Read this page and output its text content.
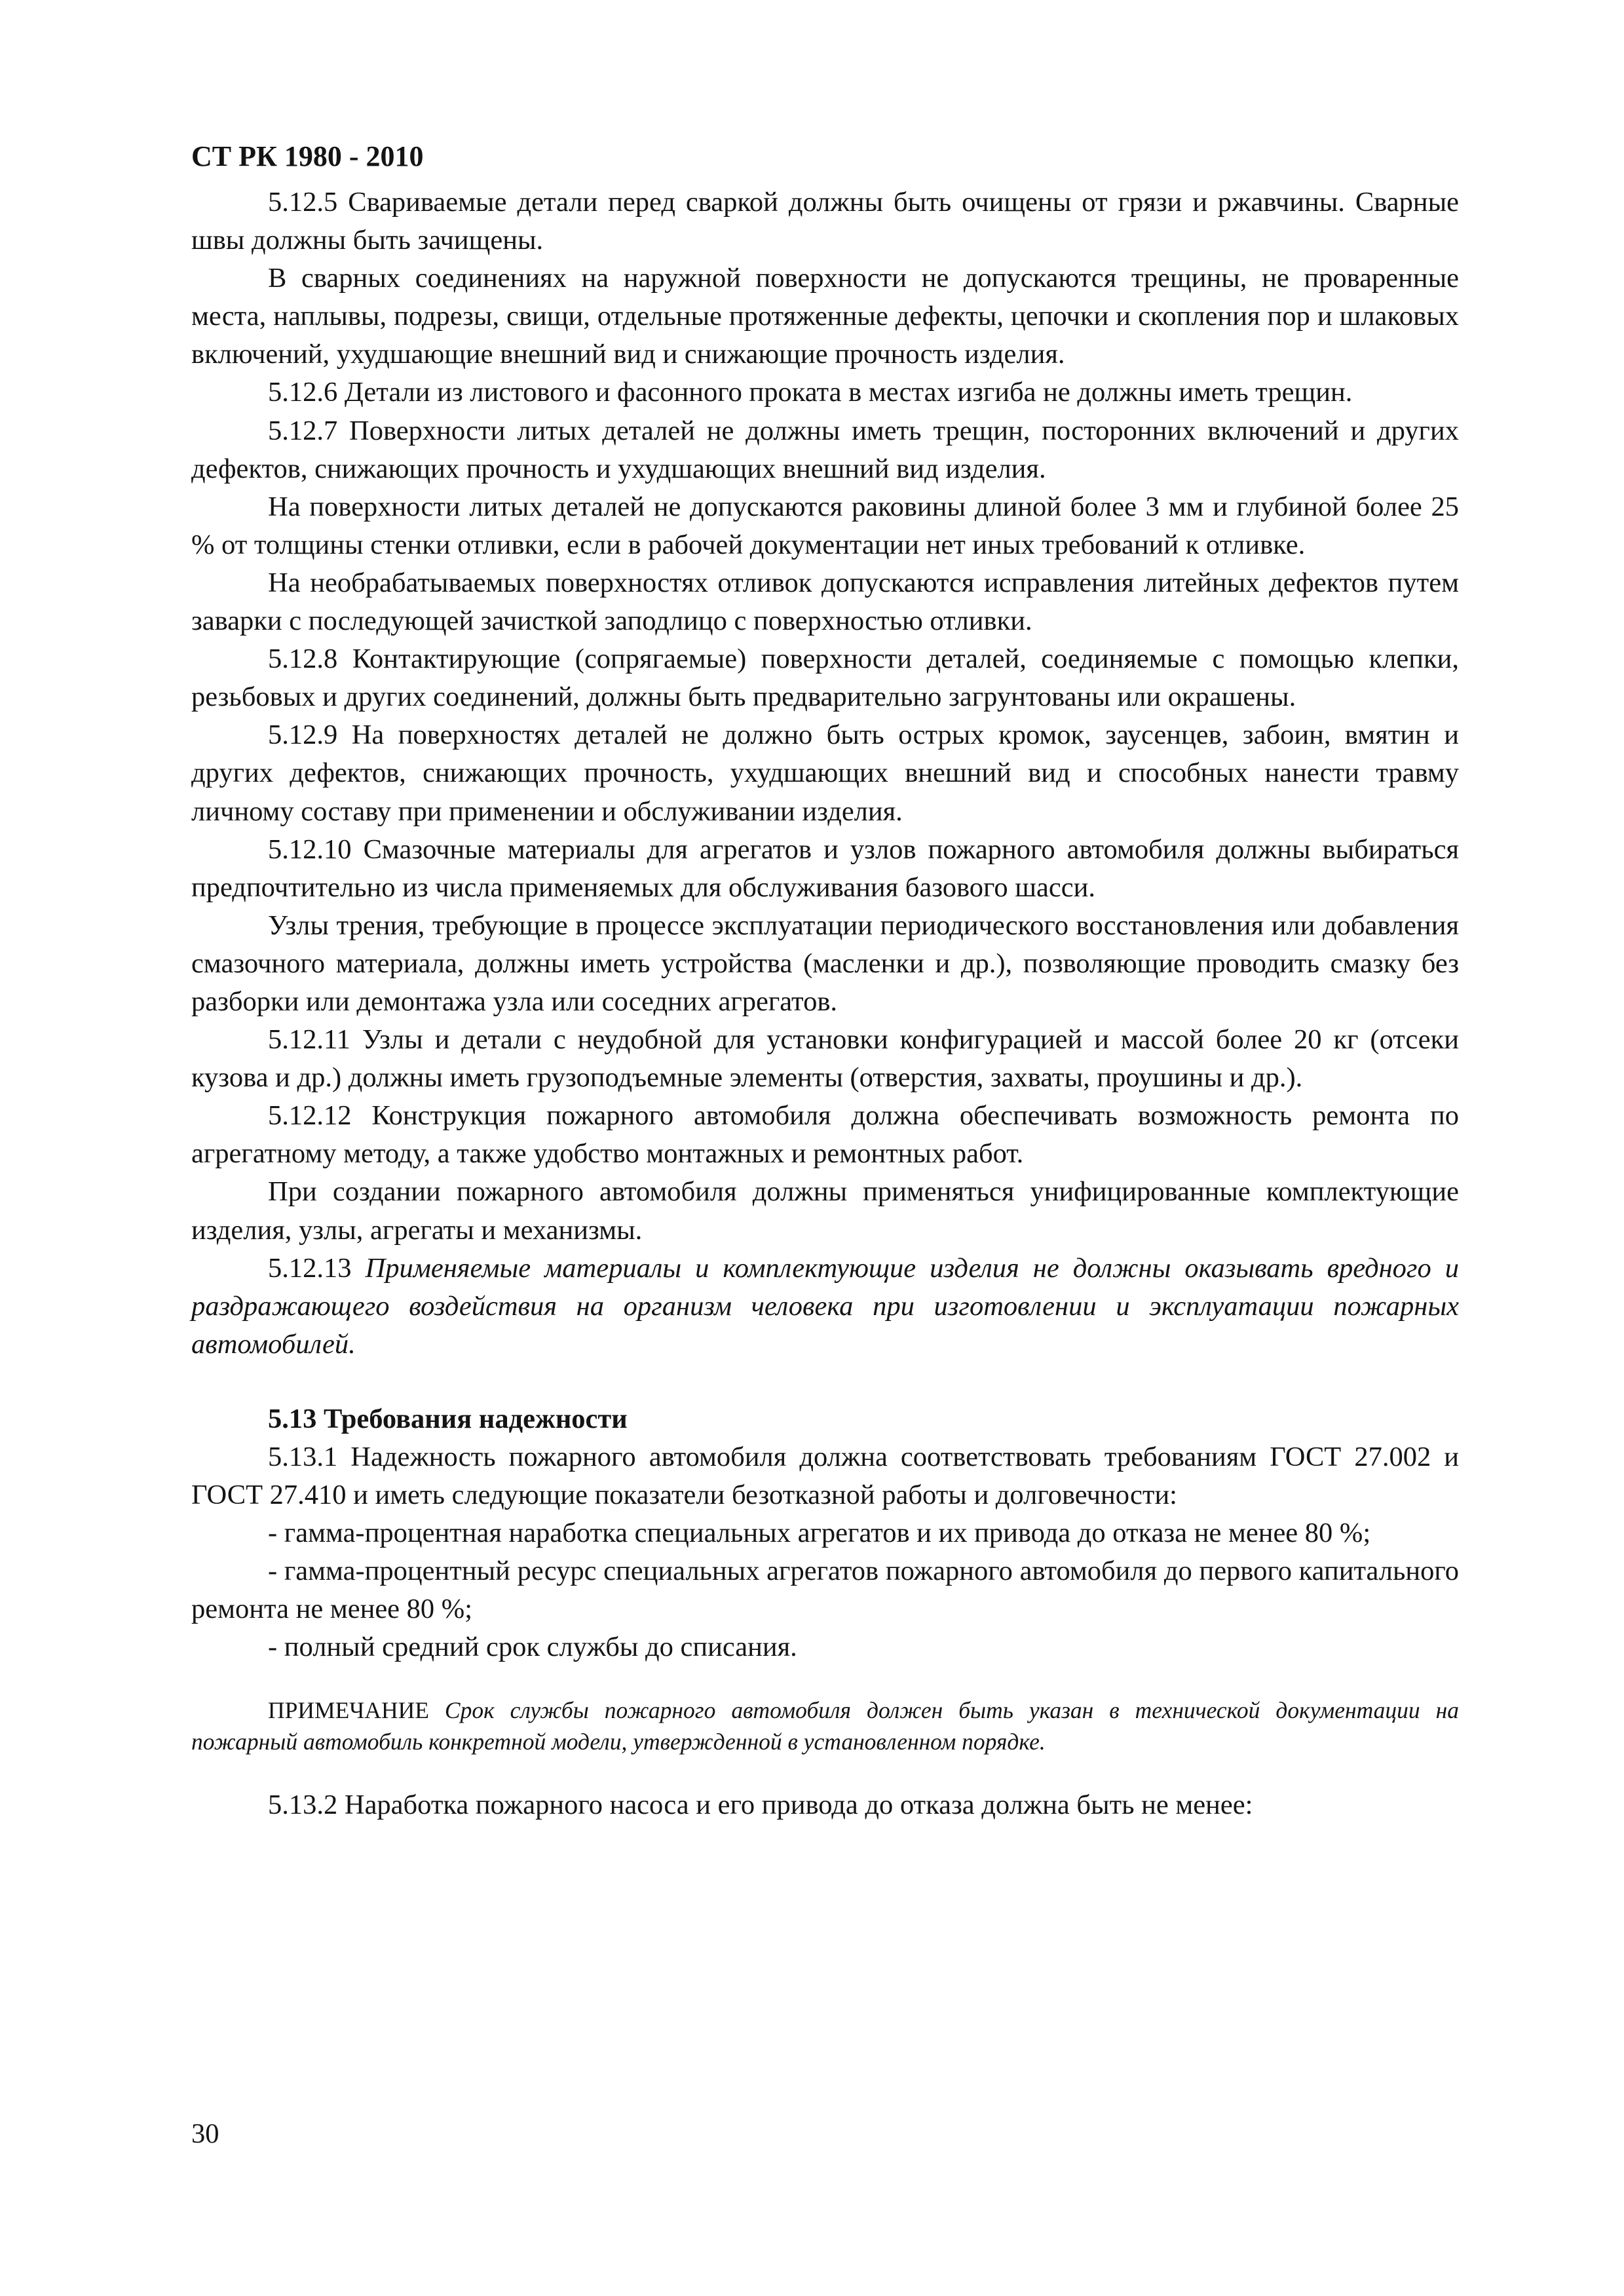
СТ РК 1980 - 2010

5.12.5 Свариваемые детали перед сваркой должны быть очищены от грязи и ржавчины. Сварные швы должны быть зачищены.

В сварных соединениях на наружной поверхности не допускаются трещины, не проваренные места, наплывы, подрезы, свищи, отдельные протяженные дефекты, цепочки и скопления пор и шлаковых включений, ухудшающие внешний вид и снижающие прочность изделия.

5.12.6 Детали из листового и фасонного проката в местах изгиба не должны иметь трещин.

5.12.7 Поверхности литых деталей не должны иметь трещин, посторонних включений и других дефектов, снижающих прочность и ухудшающих внешний вид изделия.

На поверхности литых деталей не допускаются раковины длиной более 3 мм и глубиной более 25 % от толщины стенки отливки, если в рабочей документации нет иных требований к отливке.

На необрабатываемых поверхностях отливок допускаются исправления литейных дефектов путем заварки с последующей зачисткой заподлицо с поверхностью отливки.

5.12.8 Контактирующие (сопрягаемые) поверхности деталей, соединяемые с помощью клепки, резьбовых и других соединений, должны быть предварительно загрунтованы или окрашены.

5.12.9 На поверхностях деталей не должно быть острых кромок, заусенцев, забоин, вмятин и других дефектов, снижающих прочность, ухудшающих внешний вид и способных нанести травму личному составу при применении и обслуживании изделия.

5.12.10 Смазочные материалы для агрегатов и узлов пожарного автомобиля должны выбираться предпочтительно из числа применяемых для обслуживания базового шасси.

Узлы трения, требующие в процессе эксплуатации периодического восстановления или добавления смазочного материала, должны иметь устройства (масленки и др.), позволяющие проводить смазку без разборки или демонтажа узла или соседних агрегатов.

5.12.11 Узлы и детали с неудобной для установки конфигурацией и массой более 20 кг (отсеки кузова и др.) должны иметь грузоподъемные элементы (отверстия, захваты, проушины и др.).

5.12.12 Конструкция пожарного автомобиля должна обеспечивать возможность ремонта по агрегатному методу, а также удобство монтажных и ремонтных работ.

При создании пожарного автомобиля должны применяться унифицированные комплектующие изделия, узлы, агрегаты и механизмы.

5.12.13 Применяемые материалы и комплектующие изделия не должны оказывать вредного и раздражающего воздействия на организм человека при изготовлении и эксплуатации пожарных автомобилей.

5.13 Требования надежности

5.13.1 Надежность пожарного автомобиля должна соответствовать требованиям ГОСТ 27.002 и ГОСТ 27.410 и иметь следующие показатели безотказной работы и долговечности:

- гамма-процентная наработка специальных агрегатов и их привода до отказа не менее 80 %;

- гамма-процентный ресурс специальных агрегатов пожарного автомобиля до первого капитального ремонта не менее 80 %;

- полный средний срок службы до списания.

ПРИМЕЧАНИЕ Срок службы пожарного автомобиля должен быть указан в технической документации на пожарный автомобиль конкретной модели, утвержденной в установленном порядке.

5.13.2 Наработка пожарного насоса и его привода до отказа должна быть не менее:

30
